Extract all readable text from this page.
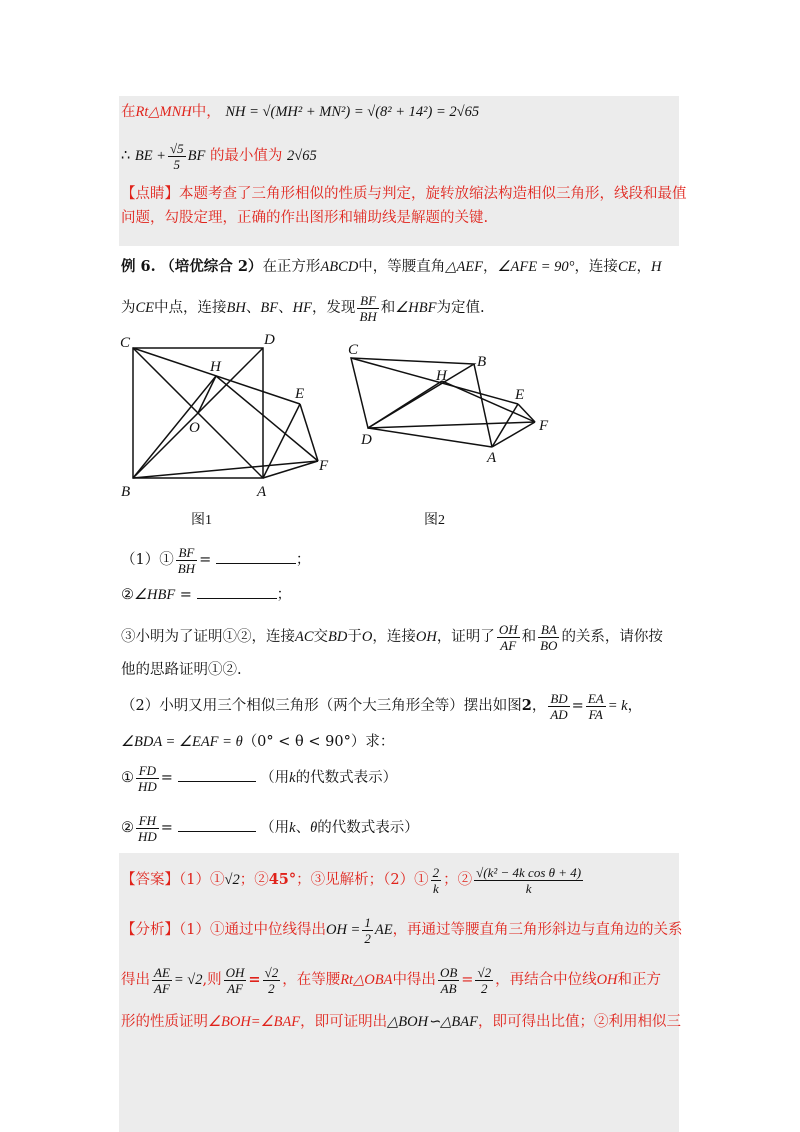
在Rt△MNH中， NH = √(MH² + MN²) = √(8² + 14²) = 2√65
∴ BE + $\frac{√5}{5}$ BF 的最小值为 2√65
【点睛】本题考查了三角形相似的性质与判定，旋转放缩法构造相似三角形，线段和最值
问题，勾股定理，正确的作出图形和辅助线是解题的关键.
例 6. （培优综合 2）在正方形ABCD中，等腰直角△AEF，∠AFE = 90°，连接CE，H
为CE中点，连接BH、BF、HF，发现 $\frac{BF}{BH}$ 和∠HBF为定值.
C	D
H
E
O
F
B	A
图1
C
B
H
E
D
F
A
图2
（1）① $\frac{BF}{BH}$ =	；
②∠HBF =	；
③小明为了证明①②，连接AC交BD于O，连接OH，证明了 $\frac{OH}{AF}$ 和 $\frac{BA}{BO}$ 的关系，请你按
他的思路证明①②.
（2）小明又用三个相似三角形（两个大三角形全等）摆出如图2， $\frac{BD}{AD} = \frac{EA}{FA} = k$，
∠BDA = ∠EAF = θ（0° < θ < 90°）求：
① $\frac{FD}{HD}$ =	（用k的代数式表示）
② $\frac{FH}{HD}$ =	（用k、θ的代数式表示）
【答案】（1）①√2；②45°；③见解析；（2）① $\frac{2}{k}$ ；② $\frac{\text{√(k² − 4k cos θ + 4)}}{k}$
【分析】（1）①通过中位线得出OH = $\frac{1}{2}$ AE，再通过等腰直角三角形斜边与直角边的关系
得出 $\frac{AE}{AF} = √2$,则 $\frac{OH}{AF} = \frac{√2}{2}$ ，在等腰Rt△OBA中得出 $\frac{OB}{AB} = \frac{√2}{2}$ ，再结合中位线OH和正方
形的性质证明∠BOH=∠BAF，即可证明出△BOH∽△BAF，即可得出比值；②利用相似三
